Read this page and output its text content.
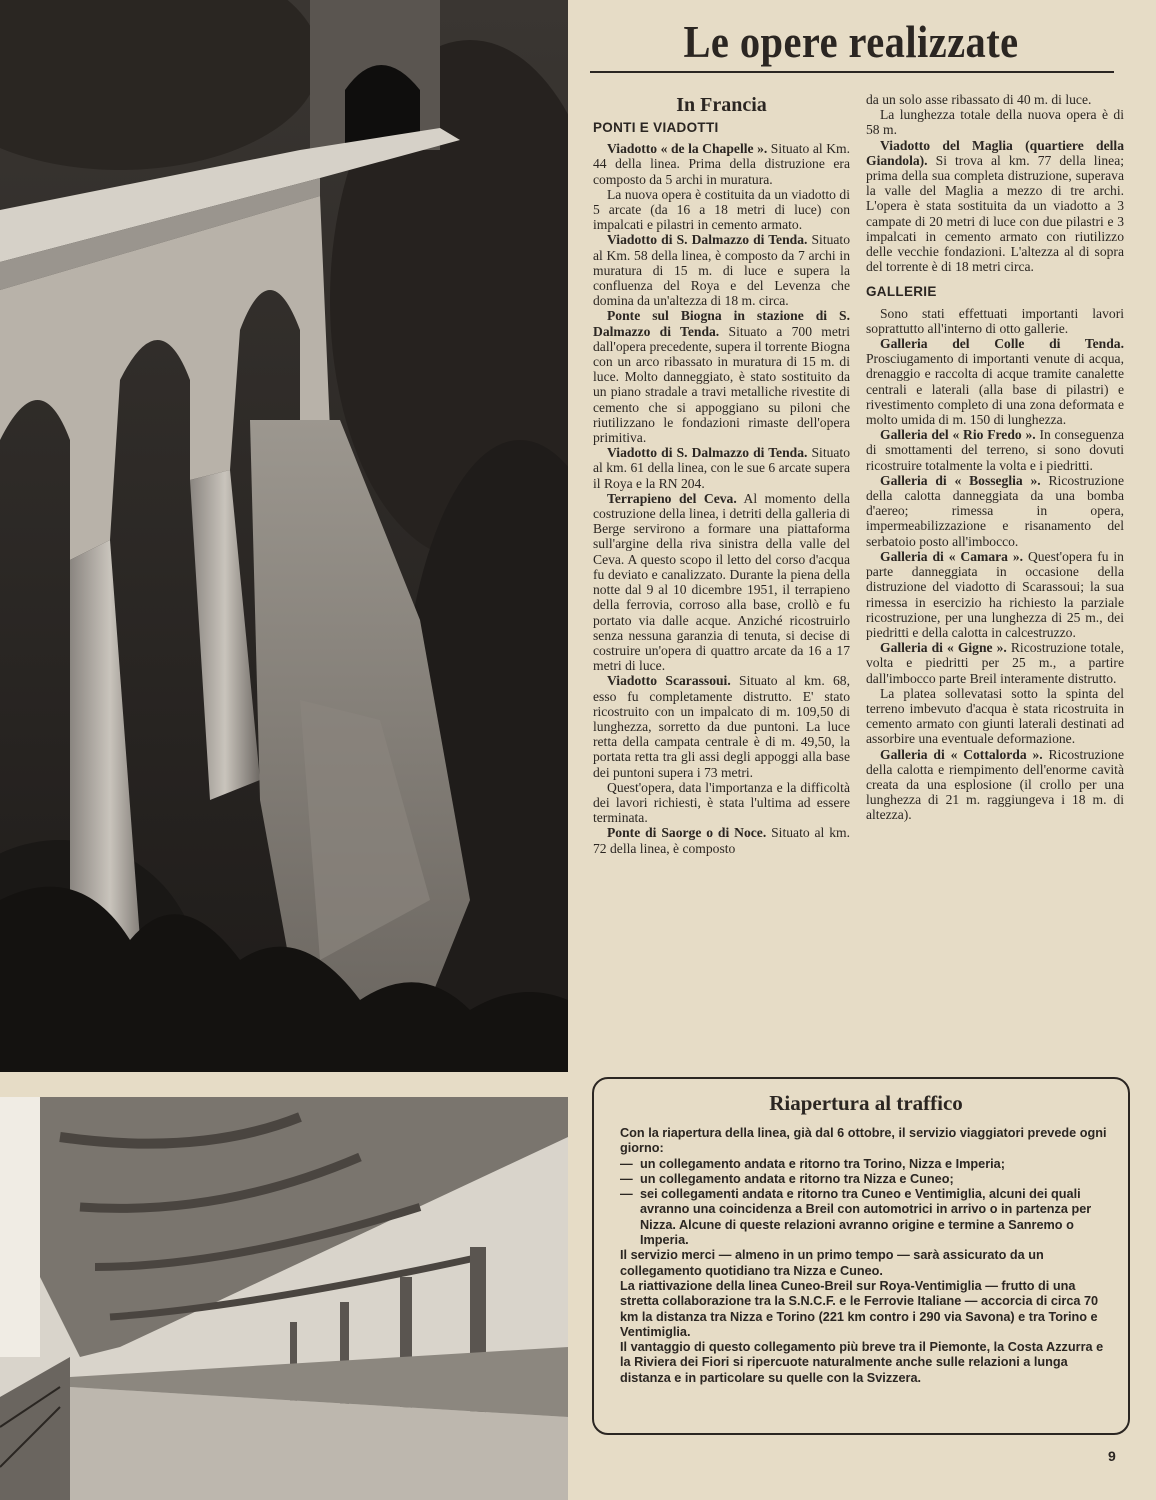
Le opere realizzate
In Francia
PONTI E VIADOTTI

Viadotto « de la Chapelle ». Situato al Km. 44 della linea. Prima della distruzione era composto da 5 archi in muratura.

La nuova opera è costituita da un viadotto di 5 arcate (da 16 a 18 metri di luce) con impalcati e pilastri in cemento armato.

Viadotto di S. Dalmazzo di Tenda. Situato al Km. 58 della linea, è composto da 7 archi in muratura di 15 m. di luce e supera la confluenza del Roya e del Levenza che domina da un'altezza di 18 m. circa.

Ponte sul Biogna in stazione di S. Dalmazzo di Tenda. Situato a 700 metri dall'opera precedente, supera il torrente Biogna con un arco ribassato in muratura di 15 m. di luce. Molto danneggiato, è stato sostituito da un piano stradale a travi metalliche rivestite di cemento che si appoggiano su piloni che riutilizzano le fondazioni rimaste dell'opera primitiva.

Viadotto di S. Dalmazzo di Tenda. Situato al km. 61 della linea, con le sue 6 arcate supera il Roya e la RN 204.

Terrapieno del Ceva. Al momento della costruzione della linea, i detriti della galleria di Berge servirono a formare una piattaforma sull'argine della riva sinistra della valle del Ceva. A questo scopo il letto del corso d'acqua fu deviato e canalizzato. Durante la piena della notte dal 9 al 10 dicembre 1951, il terrapieno della ferrovia, corroso alla base, crollò e fu portato via dalle acque. Anziché ricostruirlo senza nessuna garanzia di tenuta, si decise di costruire un'opera di quattro arcate da 16 a 17 metri di luce.

Viadotto Scarassoui. Situato al km. 68, esso fu completamente distrutto. E' stato ricostruito con un impalcato di m. 109,50 di lunghezza, sorretto da due puntoni. La luce retta della campata centrale è di m. 49,50, la portata retta tra gli assi degli appoggi alla base dei puntoni supera i 73 metri.

Quest'opera, data l'importanza e la difficoltà dei lavori richiesti, è stata l'ultima ad essere terminata.

Ponte di Saorge o di Noce. Situato al km. 72 della linea, è composto

da un solo asse ribassato di 40 m. di luce.

La lunghezza totale della nuova opera è di 58 m.

Viadotto del Maglia (quartiere della Giandola). Si trova al km. 77 della linea; prima della sua completa distruzione, superava la valle del Maglia a mezzo di tre archi. L'opera è stata sostituita da un viadotto a 3 campate di 20 metri di luce con due pilastri e 3 impalcati in cemento armato con riutilizzo delle vecchie fondazioni. L'altezza al di sopra del torrente è di 18 metri circa.

GALLERIE

Sono stati effettuati importanti lavori soprattutto all'interno di otto gallerie.

Galleria del Colle di Tenda. Prosciugamento di importanti venute di acqua, drenaggio e raccolta di acque tramite canalette centrali e laterali (alla base di pilastri) e rivestimento completo di una zona deformata e molto umida di m. 150 di lunghezza.

Galleria del « Rio Fredo ». In conseguenza di smottamenti del terreno, si sono dovuti ricostruire totalmente la volta e i piedritti.

Galleria di « Bosseglia ». Ricostruzione della calotta danneggiata da una bomba d'aereo; rimessa in opera, impermeabilizzazione e risanamento del serbatoio posto all'imbocco.

Galleria di « Camara ». Quest'opera fu in parte danneggiata in occasione della distruzione del viadotto di Scarassoui; la sua rimessa in esercizio ha richiesto la parziale ricostruzione, per una lunghezza di 25 m., dei piedritti e della calotta in calcestruzzo.

Galleria di « Gigne ». Ricostruzione totale, volta e piedritti per 25 m., a partire dall'imbocco parte Breil interamente distrutto.

La platea sollevatasi sotto la spinta del terreno imbevuto d'acqua è stata ricostruita in cemento armato con giunti laterali destinati ad assorbire una eventuale deformazione.

Galleria di « Cottalorda ». Ricostruzione della calotta e riempimento dell'enorme cavità creata da una esplosione (il crollo per una lunghezza di 21 m. raggiungeva i 18 m. di altezza).

Riapertura al traffico

Con la riapertura della linea, già dal 6 ottobre, il servizio viaggiatori prevede ogni giorno:

— un collegamento andata e ritorno tra Torino, Nizza e Imperia;
— un collegamento andata e ritorno tra Nizza e Cuneo;
— sei collegamenti andata e ritorno tra Cuneo e Ventimiglia, alcuni dei quali avranno una coincidenza a Breil con automotrici in arrivo o in partenza per Nizza. Alcune di queste relazioni avranno origine e termine a Sanremo o Imperia.

Il servizio merci — almeno in un primo tempo — sarà assicurato da un collegamento quotidiano tra Nizza e Cuneo.

La riattivazione della linea Cuneo-Breil sur Roya-Ventimiglia — frutto di una stretta collaborazione tra la S.N.C.F. e le Ferrovie Italiane — accorcia di circa 70 km la distanza tra Nizza e Torino (221 km contro i 290 via Savona) e tra Torino e Ventimiglia.

Il vantaggio di questo collegamento più breve tra il Piemonte, la Costa Azzurra e la Riviera dei Fiori si ripercuote naturalmente anche sulle relazioni a lunga distanza e in particolare su quelle con la Svizzera.

9
